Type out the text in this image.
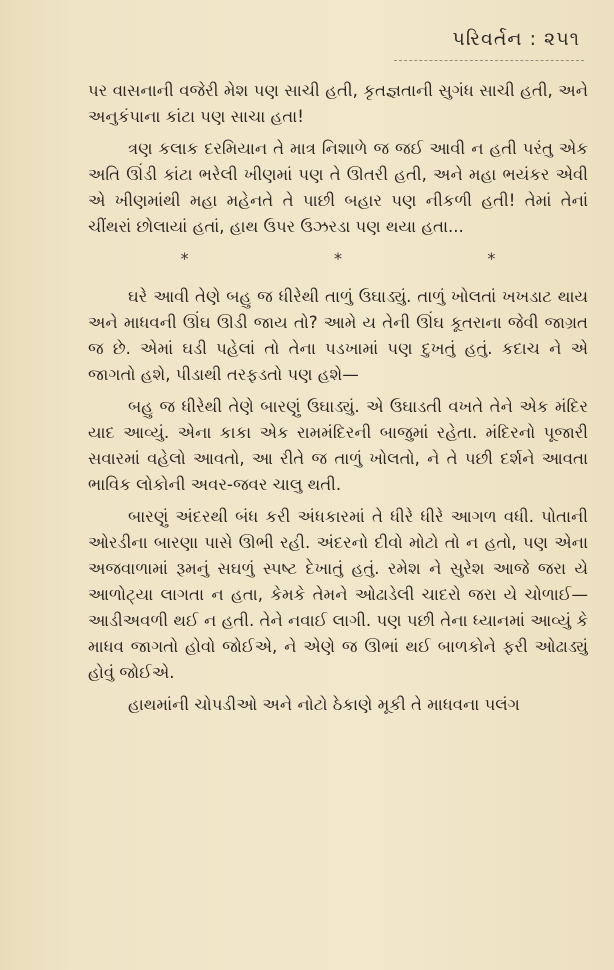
પરિવર્તન : ૨૫૧

પર વાસનાની વજેરી મેશ પણ સાચી હતી, કૃતજ્ઞતાની સુગંધ સાચી હતી, અને અનુકંપાના કાંટા પણ સાચા હતા!

ત્રણ કલાક દરમિયાન તે માત્ર નિશાળે જ જઈ આવી ન હતી પરંતુ એક અતિ ઊંડી કાંટા ભરેલી ખીણમાં પણ તે ઊતરી હતી, અને મહા ભયંકર એવી એ ખીણમાંથી મહા મહેનતે તે પાછી બહાર પણ નીકળી હતી! તેમાં તેનાં ચીંથરાં છોલાયાં હતાં, હાથ ઉપર ઉઝરડા પણ થયા હતા...

*	*	*

ઘરે આવી તેણે બહુ જ ધીરેથી તાળું ઉઘાડ્યું. તાળું ખોલતાં ખખડાટ થાય અને માધવની ઊંઘ ઊડી જાય તો? આમે ય તેની ઊંઘ કૂતરાના જેવી જાગ્રત જ છે. એમાં ઘડી પહેલાં તો તેના પડખામાં પણ દુખતું હતું. કદાચ ને એ જાગતો હશે, પીડાથી તરફડતો પણ હશે—

બહુ જ ધીરેથી તેણે બારણું ઉઘાડ્યું. એ ઉઘાડતી વખતે તેને એક મંદિર યાદ આવ્યું. એના કાકા એક રામમંદિરની બાજુમાં રહેતા. મંદિરનો પૂજારી સવારમાં વહેલો આવતો, આ રીતે જ તાળું ખોલતો, ને તે પછી દર્શને આવતા ભાવિક લોકોની અવર-જવર ચાલુ થતી.

બારણું અંદરથી બંધ કરી અંધકારમાં તે ધીરે ધીરે આગળ વધી. પોતાની ઓરડીના બારણા પાસે ઊભી રહી. અંદરનો દીવો મોટો તો ન હતો, પણ એના અજવાળામાં રૂમનું સઘળું સ્પષ્ટ દેખાતું હતું. રમેશ ને સુરેશ આજે જરા યે આળોટ્યા લાગતા ન હતા, કેમકે તેમને ઓઢાડેલી ચાદરો જરા યે ચોળાઈ—આડીઅવળી થઈ ન હતી. તેને નવાઈ લાગી. પણ પછી તેના ધ્યાનમાં આવ્યું કે માધવ જાગતો હોવો જોઈએ, ને એણે જ ઊભાં થઈ બાળકોને ફરી ઓઢાડ્યું હોવું જોઈએ.

હાથમાંની ચોપડીઓ અને નોટો ઠેકાણે મૂકી તે માધવના પલંગ
